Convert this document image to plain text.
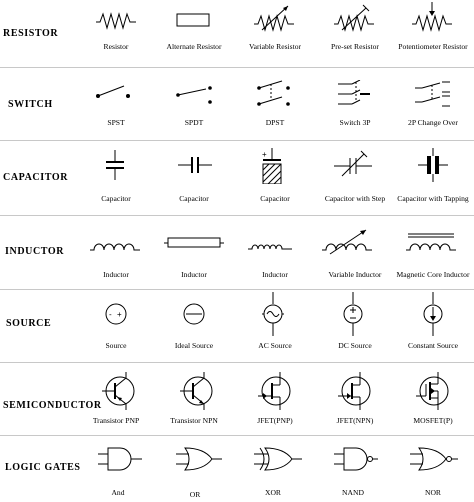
RESISTOR
SWITCH
CAPACITOR
INDUCTOR
SOURCE
SEMICONDUCTOR
LOGIC GATES
Resistor	Alternate Resistor	Variable Resistor	Pre-set Resistor	Potentiometer Resistor
SPST	SPDT	DPST	Switch 3P	2P Change Over
+
Capacitor	Capacitor	Capacitor	Capacitor with Step	Capacitor with Tapping
Inductor	Inductor	Inductor	Variable Inductor	Magnetic Core Inductor
- +
Source	Ideal Source	AC Source	DC Source	Constant Source
Transistor PNP	Transistor NPN	JFET(PNP)	JFET(NPN)	MOSFET(P)
And	OR	XOR	NAND	NOR
